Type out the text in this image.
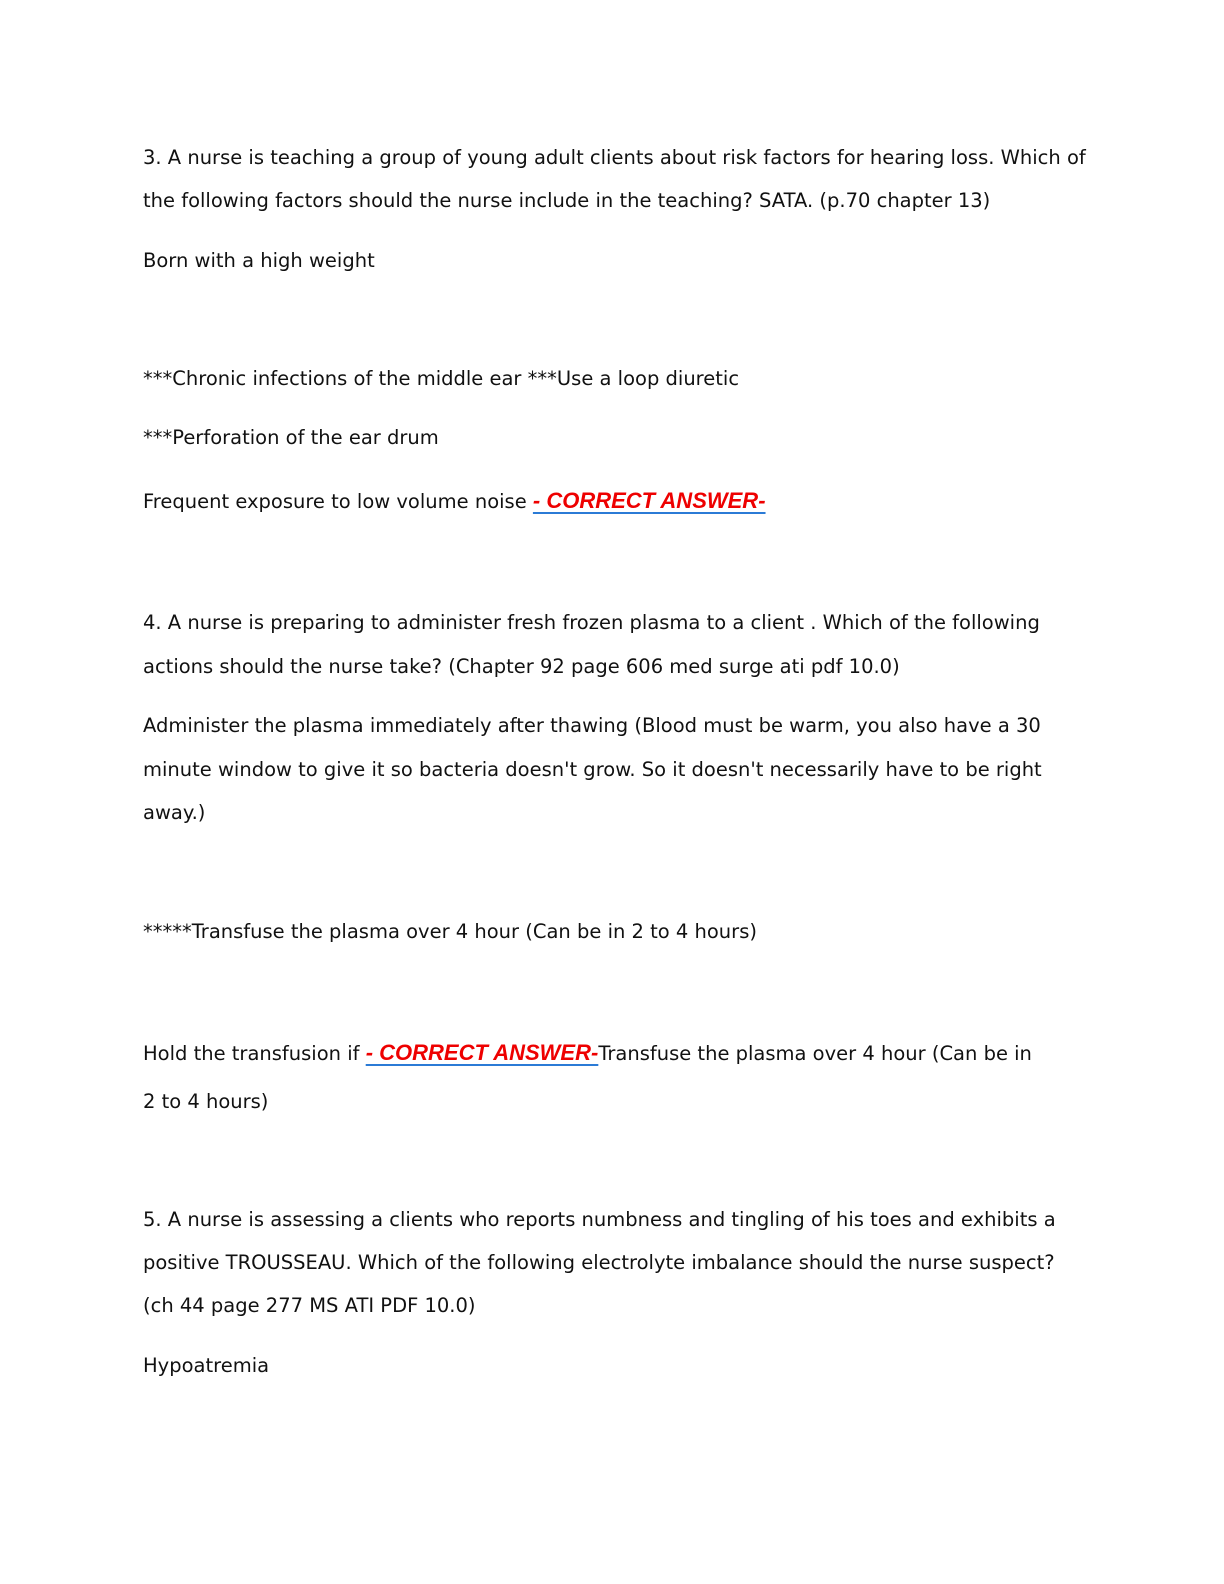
3. A nurse is teaching a group of young adult clients about risk factors for hearing loss. Which of
the following factors should the nurse include in the teaching? SATA. (p.70 chapter 13)
Born with a high weight
***Chronic infections of the middle ear ***Use a loop diuretic
***Perforation of the ear drum
Frequent exposure to low volume noise - CORRECT ANSWER-
4. A nurse is preparing to administer fresh frozen plasma to a client . Which of the following
actions should the nurse take? (Chapter 92 page 606 med surge ati pdf 10.0)
Administer the plasma immediately after thawing (Blood must be warm, you also have a 30
minute window to give it so bacteria doesn't grow. So it doesn't necessarily have to be right
away.)
*****Transfuse the plasma over 4 hour (Can be in 2 to 4 hours)
Hold the transfusion if - CORRECT ANSWER-Transfuse the plasma over 4 hour (Can be in
2 to 4 hours)
5. A nurse is assessing a clients who reports numbness and tingling of his toes and exhibits a
positive TROUSSEAU. Which of the following electrolyte imbalance should the nurse suspect?
(ch 44 page 277 MS ATI PDF 10.0)
Hypoatremia
